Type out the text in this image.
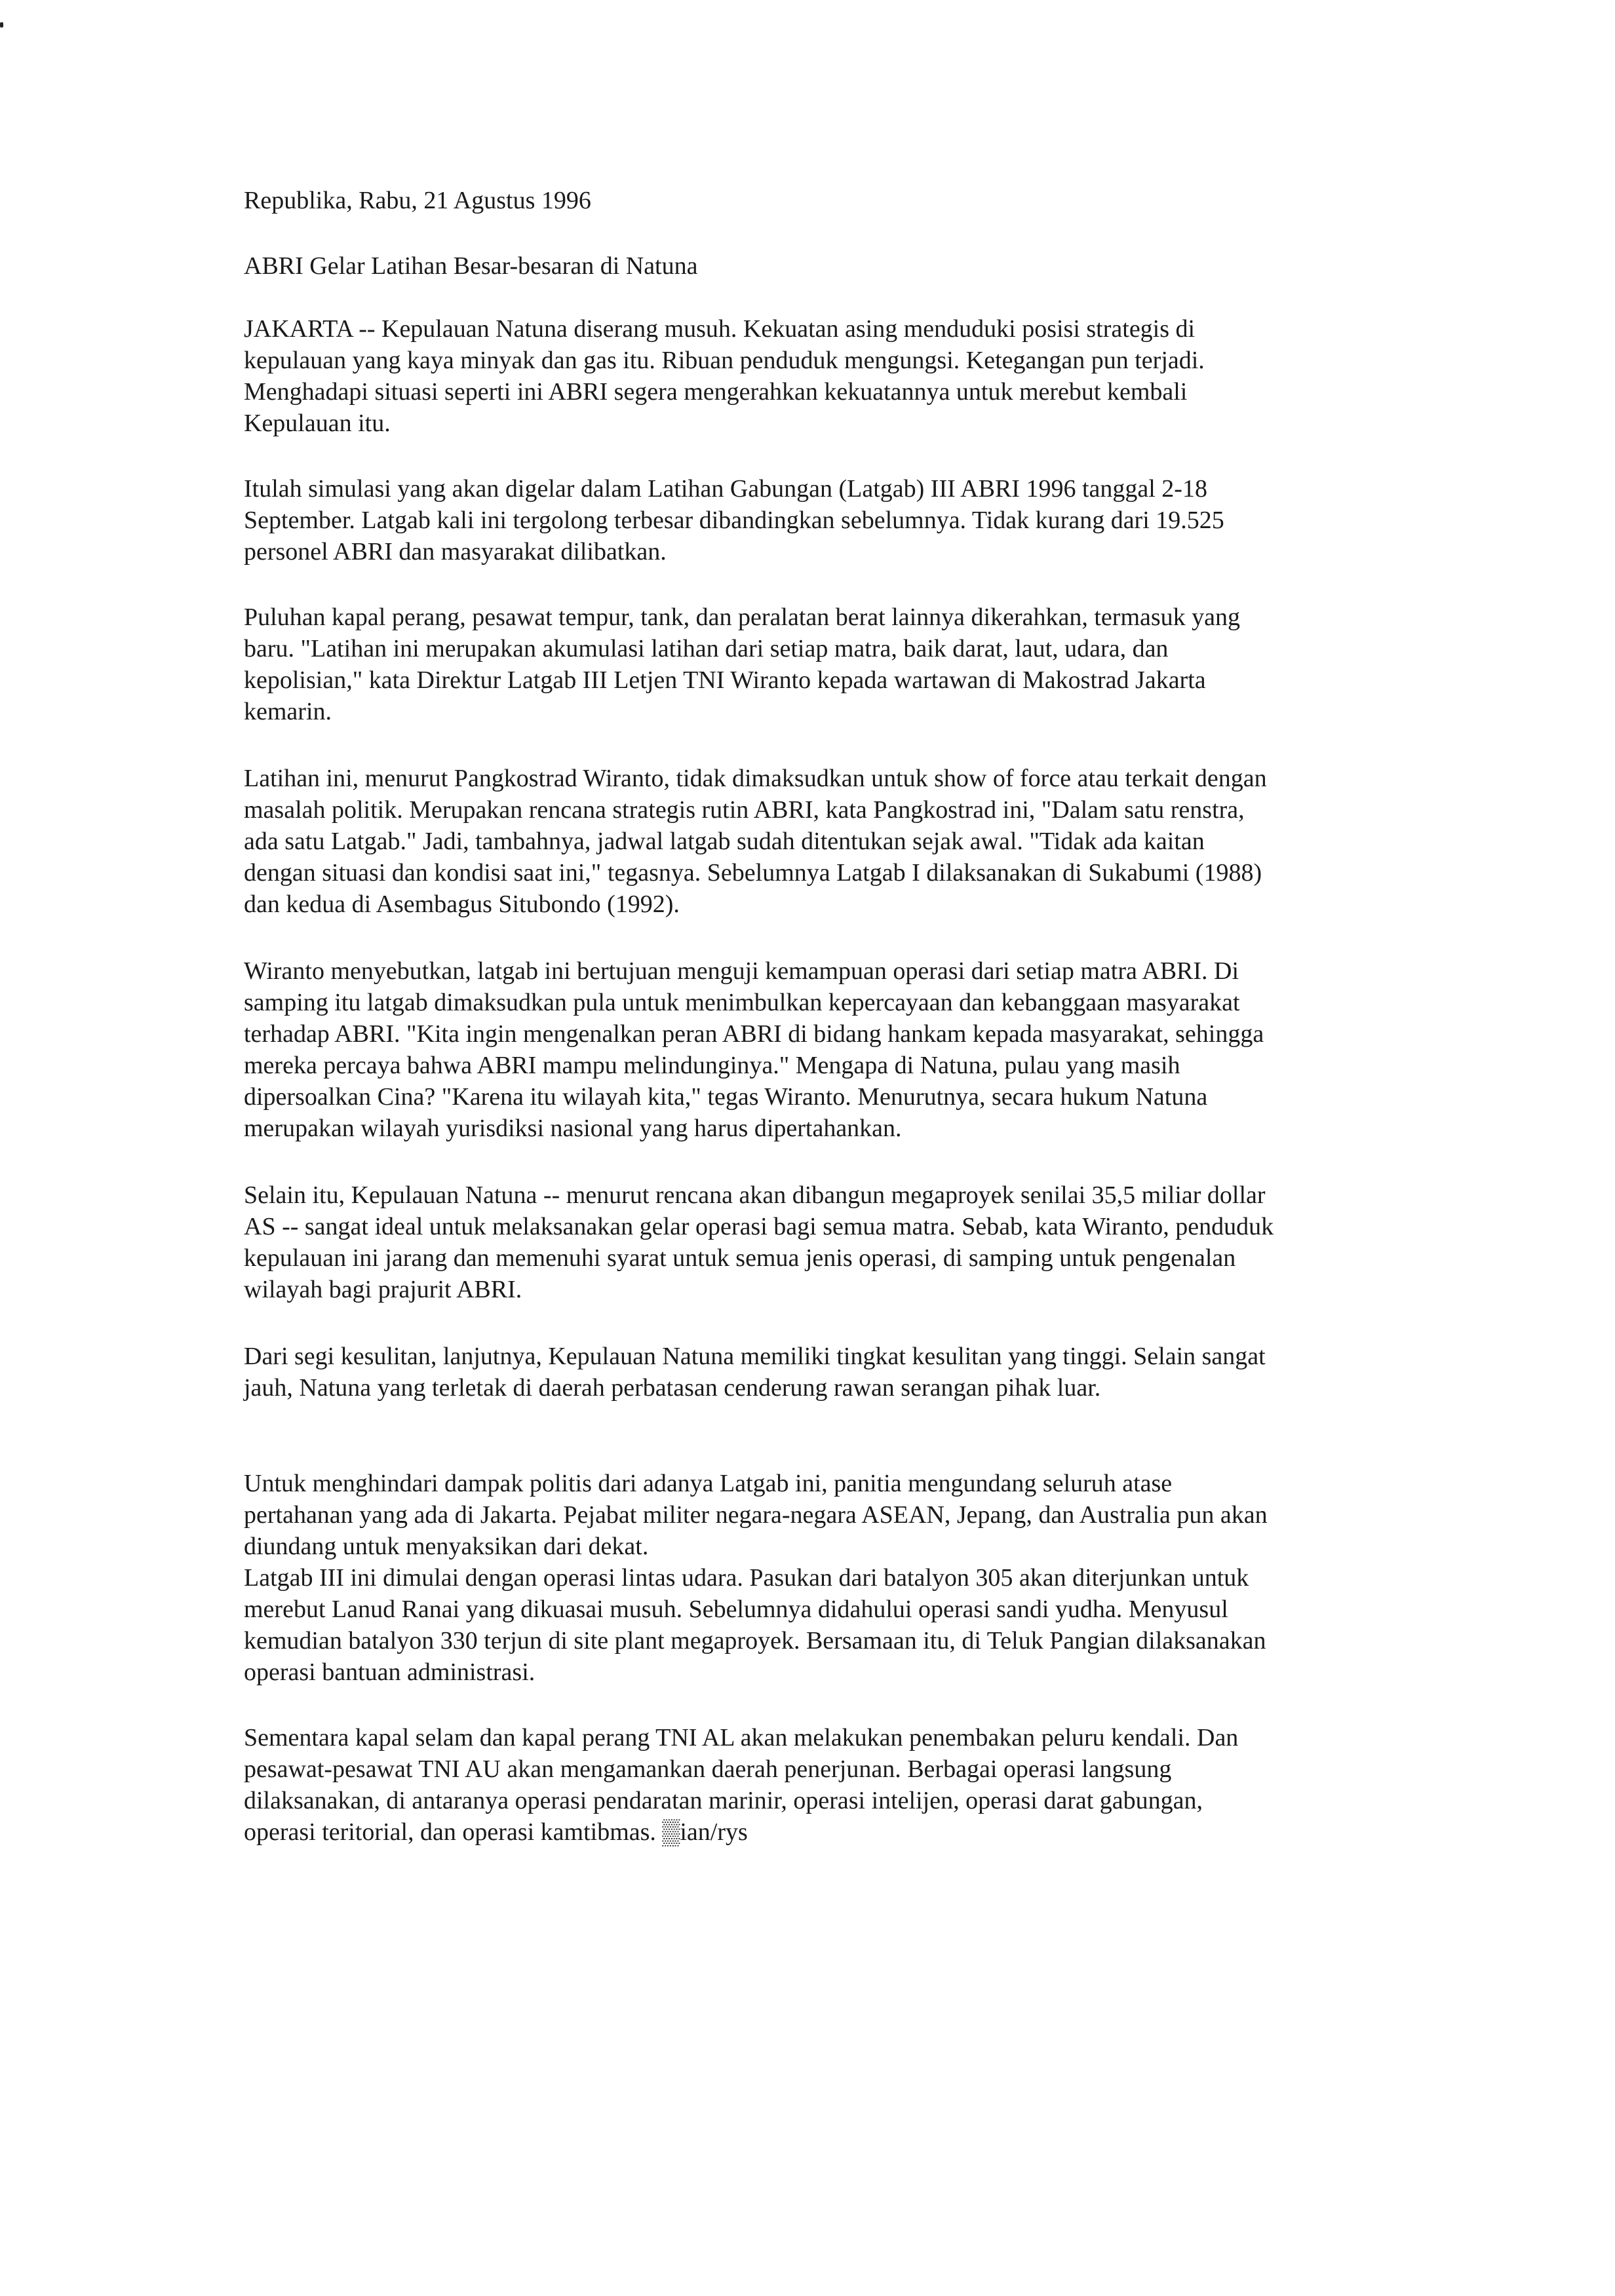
Republika, Rabu, 21 Agustus 1996

ABRI Gelar Latihan Besar-besaran di Natuna

JAKARTA -- Kepulauan Natuna diserang musuh. Kekuatan asing menduduki posisi strategis di
kepulauan yang kaya minyak dan gas itu. Ribuan penduduk mengungsi. Ketegangan pun terjadi.
Menghadapi situasi seperti ini ABRI segera mengerahkan kekuatannya untuk merebut kembali
Kepulauan itu.

Itulah simulasi yang akan digelar dalam Latihan Gabungan (Latgab) III ABRI 1996 tanggal 2-18
September. Latgab kali ini tergolong terbesar dibandingkan sebelumnya. Tidak kurang dari 19.525
personel ABRI dan masyarakat dilibatkan.

Puluhan kapal perang, pesawat tempur, tank, dan peralatan berat lainnya dikerahkan, termasuk yang
baru. "Latihan ini merupakan akumulasi latihan dari setiap matra, baik darat, laut, udara, dan
kepolisian," kata Direktur Latgab III Letjen TNI Wiranto kepada wartawan di Makostrad Jakarta
kemarin.

Latihan ini, menurut Pangkostrad Wiranto, tidak dimaksudkan untuk show of force atau terkait dengan
masalah politik. Merupakan rencana strategis rutin ABRI, kata Pangkostrad ini, "Dalam satu renstra,
ada satu Latgab." Jadi, tambahnya, jadwal latgab sudah ditentukan sejak awal. "Tidak ada kaitan
dengan situasi dan kondisi saat ini," tegasnya. Sebelumnya Latgab I dilaksanakan di Sukabumi (1988)
dan kedua di Asembagus Situbondo (1992).

Wiranto menyebutkan, latgab ini bertujuan menguji kemampuan operasi dari setiap matra ABRI. Di
samping itu latgab dimaksudkan pula untuk menimbulkan kepercayaan dan kebanggaan masyarakat
terhadap ABRI. "Kita ingin mengenalkan peran ABRI di bidang hankam kepada masyarakat, sehingga
mereka percaya bahwa ABRI mampu melindunginya." Mengapa di Natuna, pulau yang masih
dipersoalkan Cina? "Karena itu wilayah kita," tegas Wiranto. Menurutnya, secara hukum Natuna
merupakan wilayah yurisdiksi nasional yang harus dipertahankan.

Selain itu, Kepulauan Natuna -- menurut rencana akan dibangun megaproyek senilai 35,5 miliar dollar
AS -- sangat ideal untuk melaksanakan gelar operasi bagi semua matra. Sebab, kata Wiranto, penduduk
kepulauan ini jarang dan memenuhi syarat untuk semua jenis operasi, di samping untuk pengenalan
wilayah bagi prajurit ABRI.

Dari segi kesulitan, lanjutnya, Kepulauan Natuna memiliki tingkat kesulitan yang tinggi. Selain sangat
jauh, Natuna yang terletak di daerah perbatasan cenderung rawan serangan pihak luar.

Untuk menghindari dampak politis dari adanya Latgab ini, panitia mengundang seluruh atase
pertahanan yang ada di Jakarta. Pejabat militer negara-negara ASEAN, Jepang, dan Australia pun akan
diundang untuk menyaksikan dari dekat.

Latgab III ini dimulai dengan operasi lintas udara. Pasukan dari batalyon 305 akan diterjunkan untuk
merebut Lanud Ranai yang dikuasai musuh. Sebelumnya didahului operasi sandi yudha. Menyusul
kemudian batalyon 330 terjun di site plant megaproyek. Bersamaan itu, di Teluk Pangian dilaksanakan
operasi bantuan administrasi.

Sementara kapal selam dan kapal perang TNI AL akan melakukan penembakan peluru kendali. Dan
pesawat-pesawat TNI AU akan mengamankan daerah penerjunan. Berbagai operasi langsung
dilaksanakan, di antaranya operasi pendaratan marinir, operasi intelijen, operasi darat gabungan,
operasi teritorial, dan operasi kamtibmas. ▒ian/rys
